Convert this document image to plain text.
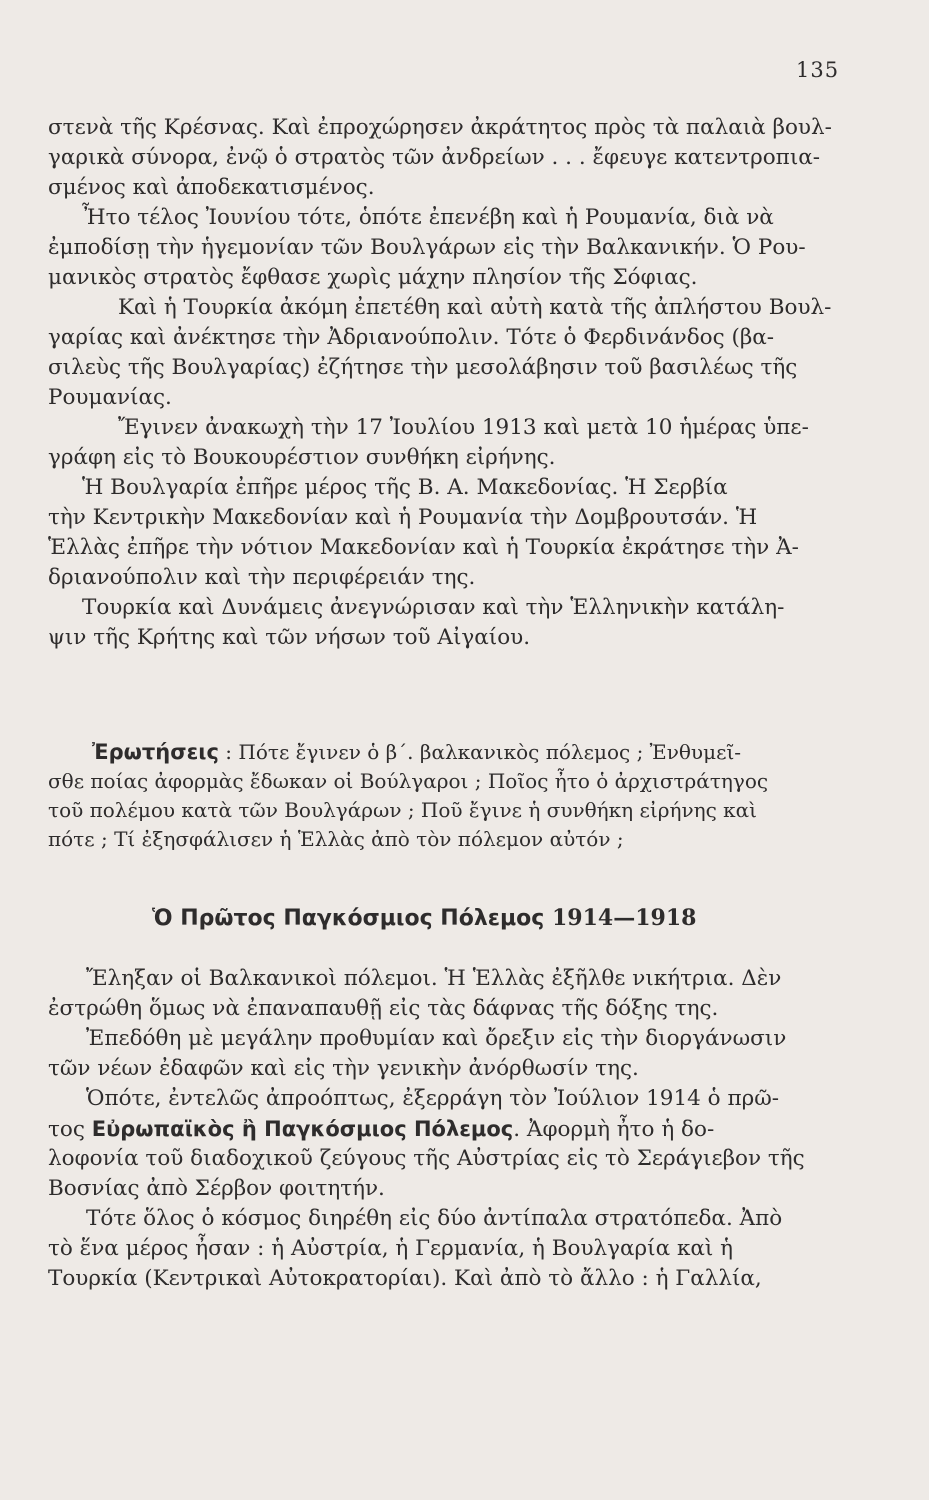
135
στενὰ τῆς Κρέσνας. Καὶ ἐπροχώρησεν ἀκράτητος πρὸς τὰ παλαιὰ βουλ-
γαρικὰ σύνορα, ἐνῷ ὁ στρατὸς τῶν ἀνδρείων . . . ἔφευγε κατεντροπια-
σμένος καὶ ἀποδεκατισμένος.
Ἦτο τέλος Ἰουνίου τότε, ὁπότε ἐπενέβη καὶ ἡ Ρουμανία, διὰ νὰ
ἐμποδίσῃ τὴν ἡγεμονίαν τῶν Βουλγάρων εἰς τὴν Βαλκανικήν. Ὁ Ρου-
μανικὸς στρατὸς ἔφθασε χωρὶς μάχην πλησίον τῆς Σόφιας.
Καὶ ἡ Τουρκία ἀκόμη ἐπετέθη καὶ αὐτὴ κατὰ τῆς ἀπλήστου Βουλ-
γαρίας καὶ ἀνέκτησε τὴν Ἀδριανούπολιν. Τότε ὁ Φερδινάνδος (βα-
σιλεὺς τῆς Βουλγαρίας) ἐζήτησε τὴν μεσολάβησιν τοῦ βασιλέως τῆς
Ρουμανίας.
Ἔγινεν ἀνακωχὴ τὴν 17 Ἰουλίου 1913 καὶ μετὰ 10 ἡμέρας ὑπε-
γράφη εἰς τὸ Βουκουρέστιον συνθήκη εἰρήνης.
Ἡ Βουλγαρία ἐπῆρε μέρος τῆς Β. Α. Μακεδονίας. Ἡ Σερβία
τὴν Κεντρικὴν Μακεδονίαν καὶ ἡ Ρουμανία τὴν Δομβρουτσάν. Ἡ
Ἑλλὰς ἐπῆρε τὴν νότιον Μακεδονίαν καὶ ἡ Τουρκία ἐκράτησε τὴν Ἀ-
δριανούπολιν καὶ τὴν περιφέρειάν της.
Τουρκία καὶ Δυνάμεις ἀνεγνώρισαν καὶ τὴν Ἑλληνικὴν κατάλη-
ψιν τῆς Κρήτης καὶ τῶν νήσων τοῦ Αἰγαίου.
Ἐρωτήσεις : Πότε ἔγινεν ὁ β΄. βαλκανικὸς πόλεμος ; Ἐνθυμεῖ-
σθε ποίας ἀφορμὰς ἔδωκαν οἱ Βούλγαροι ; Ποῖος ἦτο ὁ ἀρχιστράτηγος
τοῦ πολέμου κατὰ τῶν Βουλγάρων ; Ποῦ ἔγινε ἡ συνθήκη εἰρήνης καὶ
πότε ; Τί ἐξησφάλισεν ἡ Ἑλλὰς ἀπὸ τὸν πόλεμον αὐτόν ;
Ὁ Πρῶτος Παγκόσμιος Πόλεμος 1914—1918
Ἔληξαν οἱ Βαλκανικοὶ πόλεμοι. Ἡ Ἑλλὰς ἐξῆλθε νικήτρια. Δὲν
ἐστρώθη ὅμως νὰ ἐπαναπαυθῇ εἰς τὰς δάφνας τῆς δόξης της.
Ἐπεδόθη μὲ μεγάλην προθυμίαν καὶ ὄρεξιν εἰς τὴν διοργάνωσιν
τῶν νέων ἐδαφῶν καὶ εἰς τὴν γενικὴν ἀνόρθωσίν της.
Ὁπότε, ἐντελῶς ἀπροόπτως, ἐξερράγη τὸν Ἰούλιον 1914 ὁ πρῶ-
τος Εὐρωπαϊκὸς ἢ Παγκόσμιος Πόλεμος. Ἀφορμὴ ἦτο ἡ δο-
λοφονία τοῦ διαδοχικοῦ ζεύγους τῆς Αὐστρίας εἰς τὸ Σεράγιεβον τῆς
Βοσνίας ἀπὸ Σέρβον φοιτητήν.
Τότε ὅλος ὁ κόσμος διηρέθη εἰς δύο ἀντίπαλα στρατόπεδα. Ἀπὸ
τὸ ἕνα μέρος ἦσαν : ἡ Αὐστρία, ἡ Γερμανία, ἡ Βουλγαρία καὶ ἡ
Τουρκία (Κεντρικαὶ Αὐτοκρατορίαι). Καὶ ἀπὸ τὸ ἄλλο : ἡ Γαλλία,
